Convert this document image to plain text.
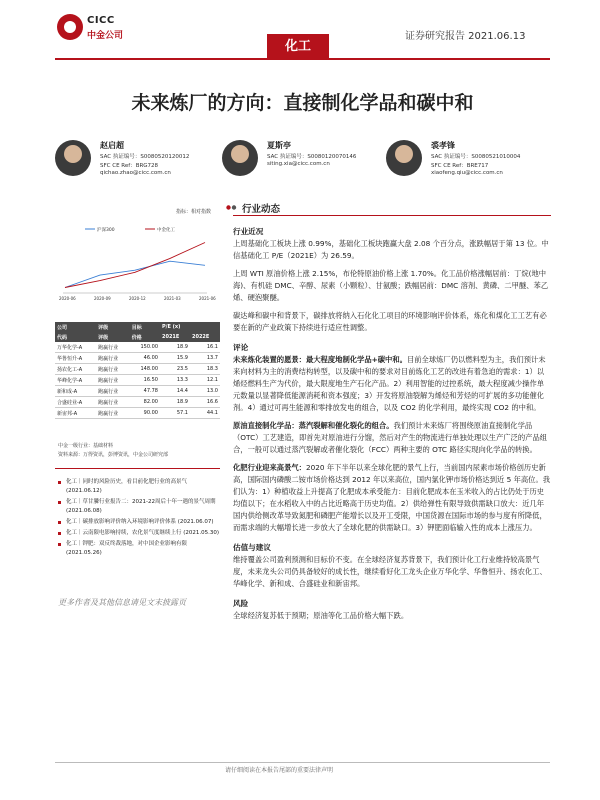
CICC
中金公司	证券研究报告 2021.06.13
化工
未来炼厂的方向：直接制化学品和碳中和
赵启超
SAC 执证编号：S0080520120012
SFC CE Ref：BRG728
qichao.zhao@cicc.com.cn
夏斯亭
SAC 执证编号：S0080120070146
siting.xia@cicc.com.cn
裘孝锋
SAC 执证编号：S0080521010004
SFC CE Ref：BRE717
xiaofeng.qiu@cicc.com.cn
指标：相对指数
沪深300	中金化工
2020-06	2020-09	2020-12	2021-03	2021-06
公司	评级	目标	P/E (x)	
代码	评级	价格	2021E	2022E
万华化学-A	跑赢行业	150.00	18.9	16.1
华鲁恒升-A	跑赢行业	46.00	15.9	13.7
扬农化工-A	跑赢行业	148.00	23.5	18.3
华峰化学-A	跑赢行业	16.50	13.3	12.1
新和成-A	跑赢行业	47.78	14.4	13.0
合盛硅业-A	跑赢行业	82.00	18.9	16.6
新宙邦-A	跑赢行业	90.00	57.1	44.1
中金一级行业：基础材料
资料来源：万得资讯，彭博资讯，中金公司研究部
化工｜同时的风险历史，看目前化肥行业的高景气 (2021.06.12)
化工｜草甘膦行业报告二：2021-22周后十年一遇的景气周期 (2021.06.08)
化工｜碳排放影响评价纳入环境影响评价体系 (2021.06.07)
化工｜云南限电影响持续，农化景气度继续上行 (2021.05.30)
化工｜钾肥：双反终裁落地，对中国企业影响有限 (2021.05.26)
更多作者及其他信息请见文末披露页
行业动态
行业近况

上周基础化工板块上涨 0.99%，基础化工板块跑赢大盘 2.08 个百分点，涨跌幅居于第 13 位。中信基础化工 P/E（2021E）为 26.59。

上周 WTI 原油价格上涨 2.15%，布伦特原油价格上涨 1.70%。化工品价格涨幅居前：丁烷(地中海)、有机硅 DMC、辛醇、尿素（小颗粒）、甘氨酸；跌幅居前：DMC 溶剂、黄磷、二甲醚、苯乙烯、硬泡聚醚。

碳达峰和碳中和背景下，碳排放将纳入石化化工项目的环境影响评价体系，炼化和煤化工工艺有必要在新的产业政策下持续进行适应性调整。

评论

未来炼化装置的愿景：最大程度地制化学品+碳中和。目前全球炼厂仍以燃料型为主，我们预计未来向材料为主的消费结构转型，以及碳中和的要求对目前炼化工艺的改进有着急迫的需求：1）以烯烃燃料生产为代价，最大限度地生产石化产品。2）利用智能的过控系统，最大程度减少操作单元数量以显著降低能源消耗和资本强度；3）开发将原油裂解为烯烃和芳烃的可扩展的多功能催化剂。4）通过可再生能源和零排放发电的组合，以及 CO2 的化学利用，最终实现 CO2 的中和。

原油直接制化学品：蒸汽裂解和催化裂化的组合。我们预计未来炼厂将围绕原油直接制化学品（OTC）工艺建造，即首先对原油进行分馏，然后对产生的物流进行单独处理以生产广泛的产品组合，一般可以通过蒸汽裂解或者催化裂化（FCC）两种主要的 OTC 路径实现向化学品的转换。

化肥行业迎来高景气：2020 年下半年以来全球化肥的景气上行，当前国内尿素市场价格创历史新高，国际国内磷酸二铵市场价格达到 2012 年以来高位，国内氯化钾市场价格达到近 5 年高位。我们认为：1）种植收益上升提高了化肥成本承受能力：目前化肥成本在玉米收入的占比仍处于历史均值以下；在水稻收入中的占比近略高于历史均值。2）供给弹性有限导致供需缺口放大：近几年国内供给侧改革导致氮肥和磷肥产能增长以及开工受限，中国货源在国际市场的参与度有所降低，而需求端的大幅增长进一步放大了全球化肥的供需缺口。3）钾肥面临输入性的成本上涨压力。

估值与建议

维持覆盖公司盈利预测和目标价不变。在全球经济复苏背景下，我们预计化工行业维持较高景气度，未来龙头公司仍具备较好的成长性，继续看好化工龙头企业万华化学、华鲁恒升、扬农化工、华峰化学、新和成、合盛硅业和新宙邦。

风险

全球经济复苏低于预期；原油等化工品价格大幅下跌。

请仔细阅读在本报告尾部的重要法律声明
